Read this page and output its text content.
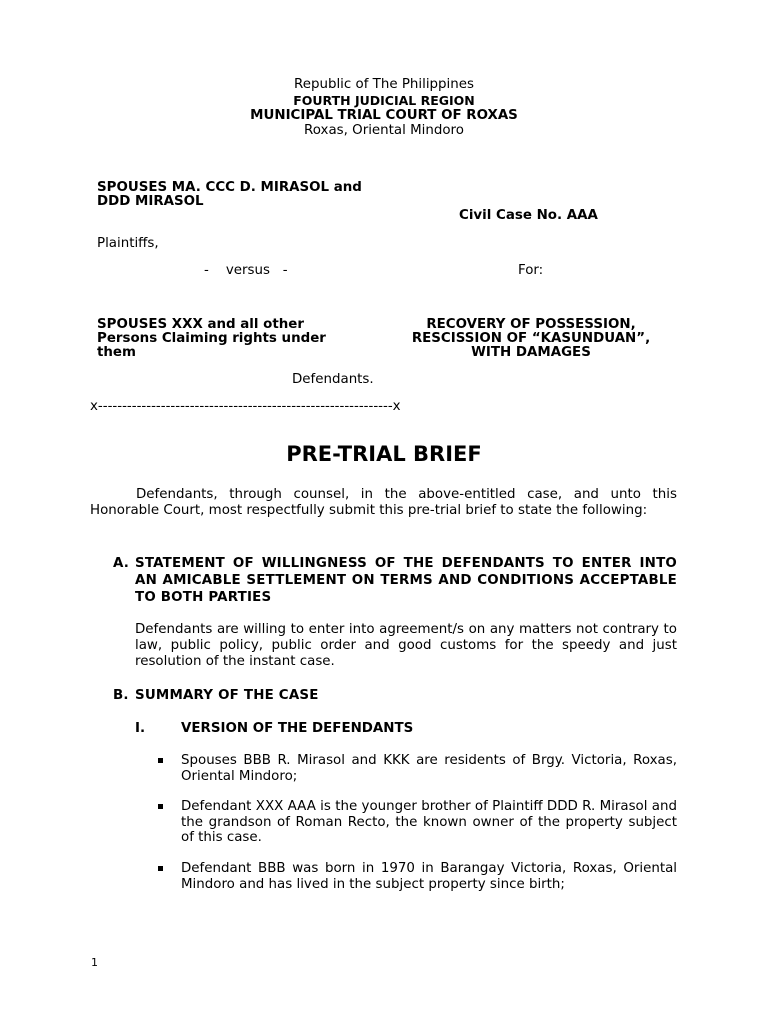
Republic of The Philippines
FOURTH JUDICIAL REGION
MUNICIPAL TRIAL COURT OF ROXAS
Roxas, Oriental Mindoro
SPOUSES MA. CCC D. MIRASOL and
DDD MIRASOL
Civil Case No. AAA
Plaintiffs,
-    versus   -	For:
SPOUSES XXX and all other
Persons Claiming rights under
them
RECOVERY OF POSSESSION,
RESCISSION OF “KASUNDUAN”,
WITH DAMAGES
Defendants.
x-------------------------------------------------------------x
PRE-TRIAL BRIEF
Defendants, through counsel, in the above-entitled case, and unto this Honorable Court, most respectfully submit this pre-trial brief to state the following:
A. STATEMENT OF WILLINGNESS OF THE DEFENDANTS TO ENTER INTO AN AMICABLE SETTLEMENT ON TERMS AND CONDITIONS ACCEPTABLE TO BOTH PARTIES
Defendants are willing to enter into agreement/s on any matters not contrary to law, public policy, public order and good customs for the speedy and just resolution of the instant case.
B. SUMMARY OF THE CASE
I.	VERSION OF THE DEFENDANTS
Spouses BBB R. Mirasol and KKK are residents of Brgy. Victoria, Roxas, Oriental Mindoro;
Defendant XXX AAA is the younger brother of Plaintiff DDD R. Mirasol and the grandson of Roman Recto, the known owner of the property subject of this case.
Defendant BBB was born in 1970 in Barangay Victoria, Roxas, Oriental Mindoro and has lived in the subject property since birth;
1
